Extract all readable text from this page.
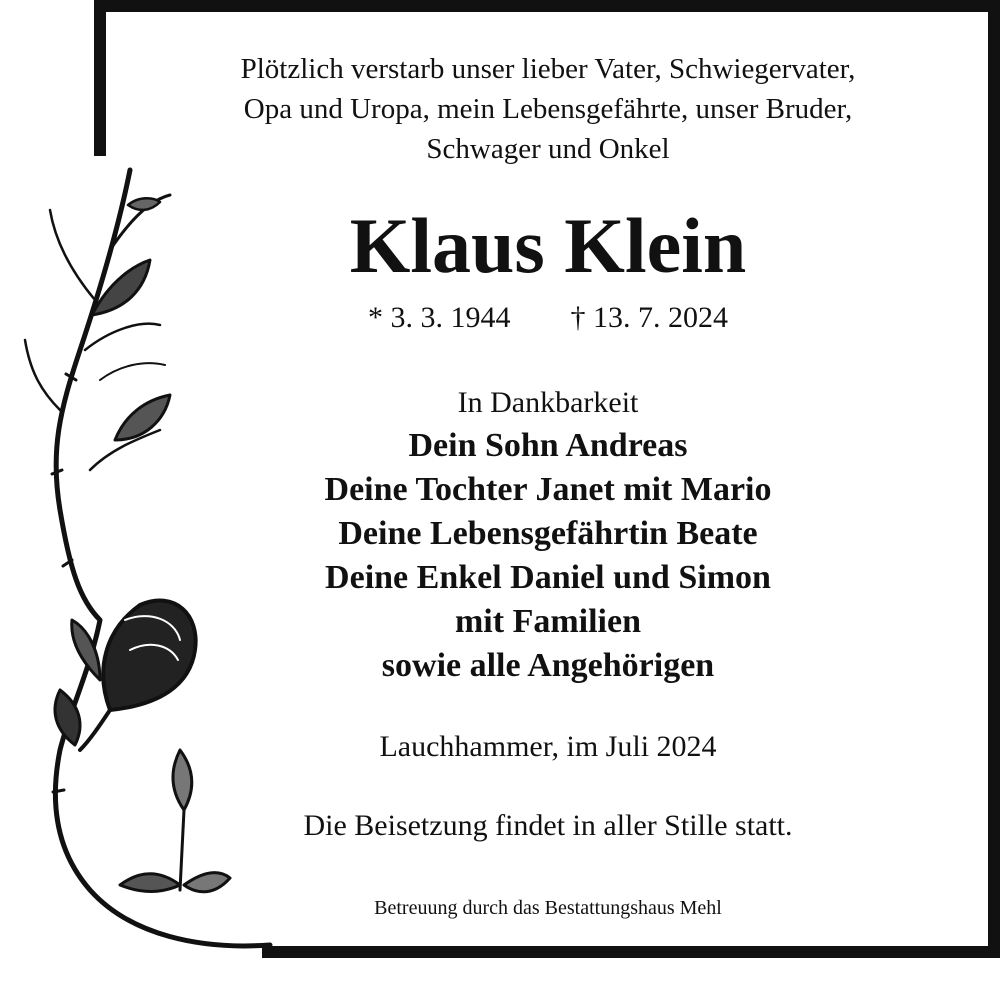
Plötzlich verstarb unser lieber Vater, Schwiegervater,
Opa und Uropa, mein Lebensgefährte, unser Bruder,
Schwager und Onkel
Klaus Klein
* 3. 3. 1944        † 13. 7. 2024
In Dankbarkeit
Dein Sohn Andreas
Deine Tochter Janet mit Mario
Deine Lebensgefährtin Beate
Deine Enkel Daniel und Simon
mit Familien
sowie alle Angehörigen
Lauchhammer, im Juli 2024
Die Beisetzung findet in aller Stille statt.
Betreuung durch das Bestattungshaus Mehl
